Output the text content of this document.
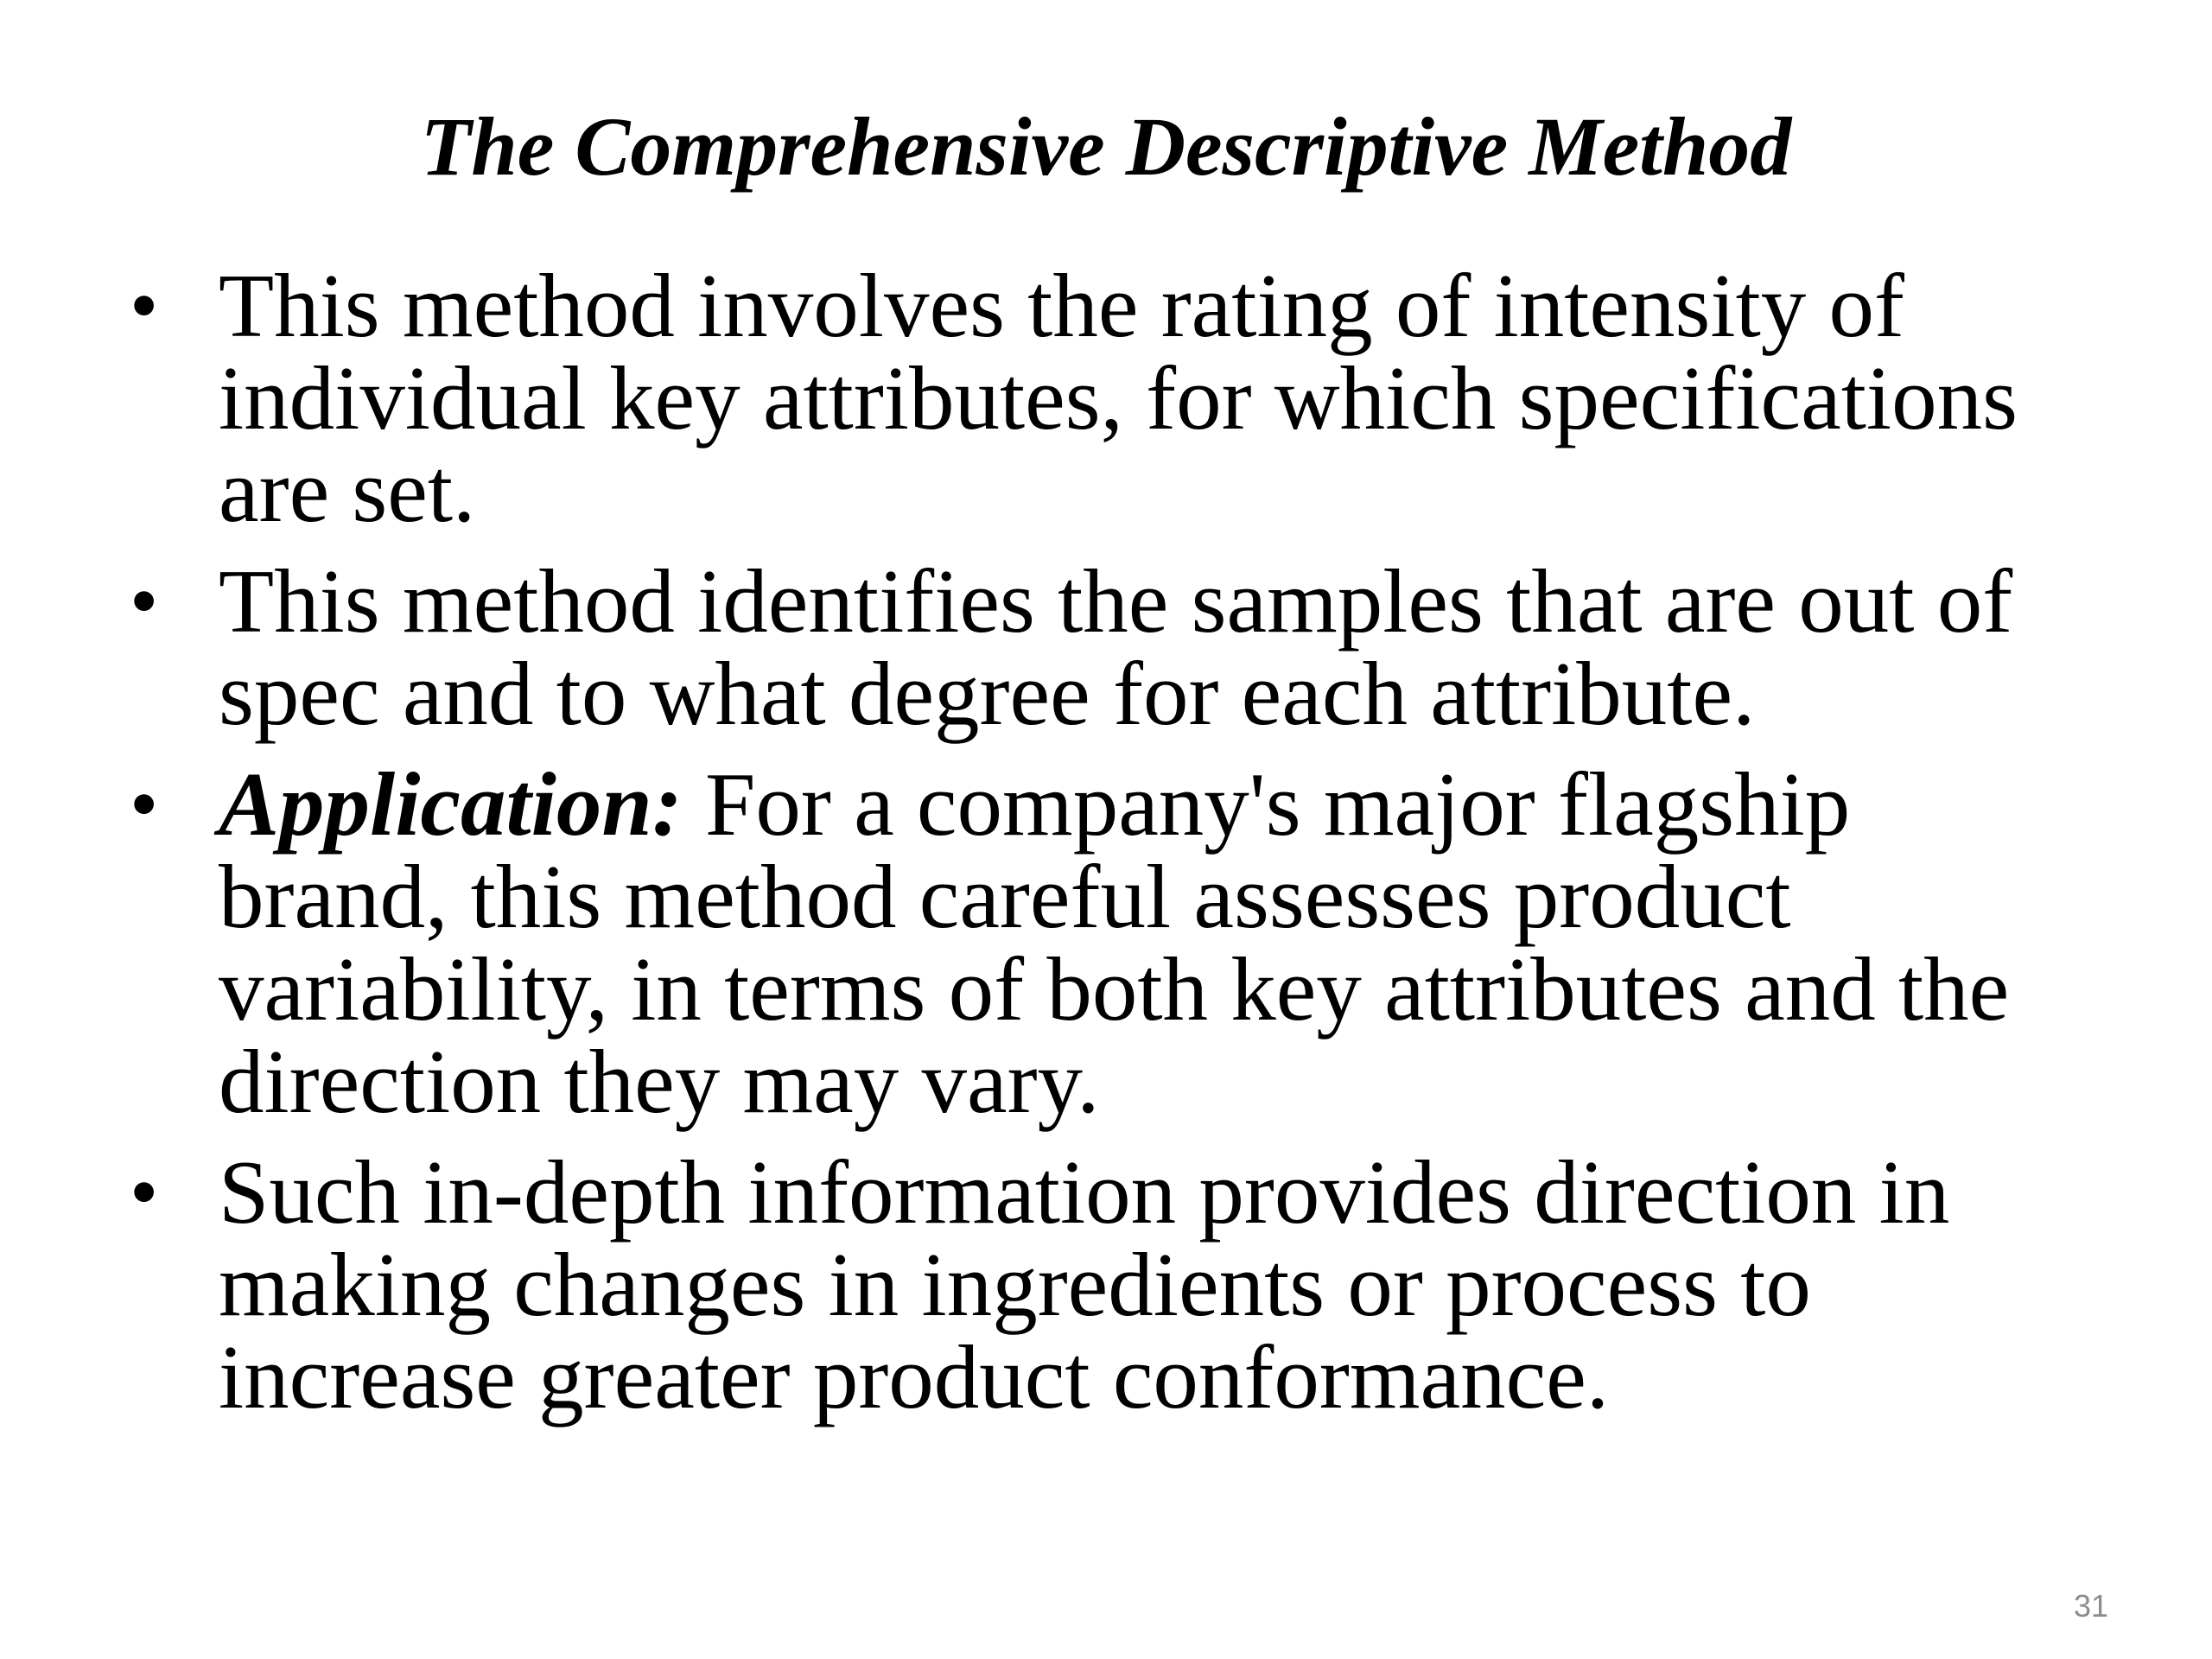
The Comprehensive Descriptive Method
• This method involves the rating of intensity of individual key attributes, for which specifications are set.
• This method identifies the samples that are out of spec and to what degree for each attribute.
• Application: For a company's major flagship brand, this method careful assesses product variability, in terms of both key attributes and the direction they may vary.
• Such in-depth information provides direction in making changes in ingredients or process to increase greater product conformance.
31
